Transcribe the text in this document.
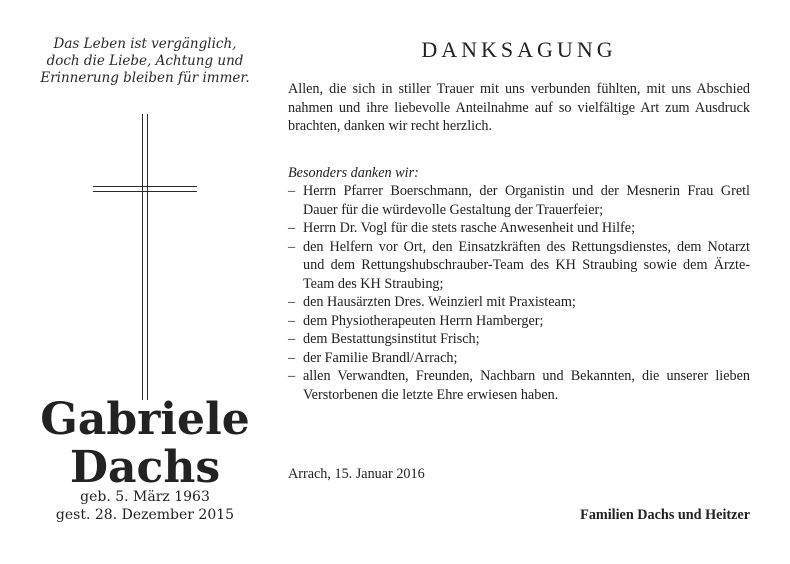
Das Leben ist vergänglich,
doch die Liebe, Achtung und
Erinnerung bleiben für immer.
Gabriele
Dachs
geb. 5. März 1963
gest. 28. Dezember 2015
DANKSAGUNG
Allen, die sich in stiller Trauer mit uns verbunden fühlten, mit uns Abschied nahmen und ihre liebevolle Anteilnahme auf so vielfältige Art zum Ausdruck brachten, danken wir recht herzlich.
Besonders danken wir:
– Herrn Pfarrer Boerschmann, der Organistin und der Mesnerin Frau Gretl Dauer für die würdevolle Gestaltung der Trauerfeier;
– Herrn Dr. Vogl für die stets rasche Anwesenheit und Hilfe;
– den Helfern vor Ort, den Einsatzkräften des Rettungsdienstes, dem Notarzt und dem Rettungshubschrauber-Team des KH Straubing sowie dem Ärzte-Team des KH Straubing;
– den Hausärzten Dres. Weinzierl mit Praxisteam;
– dem Physiotherapeuten Herrn Hamberger;
– dem Bestattungsinstitut Frisch;
– der Familie Brandl/Arrach;
– allen Verwandten, Freunden, Nachbarn und Bekannten, die unserer lieben Verstorbenen die letzte Ehre erwiesen haben.
Arrach, 15. Januar 2016
Familien Dachs und Heitzer
